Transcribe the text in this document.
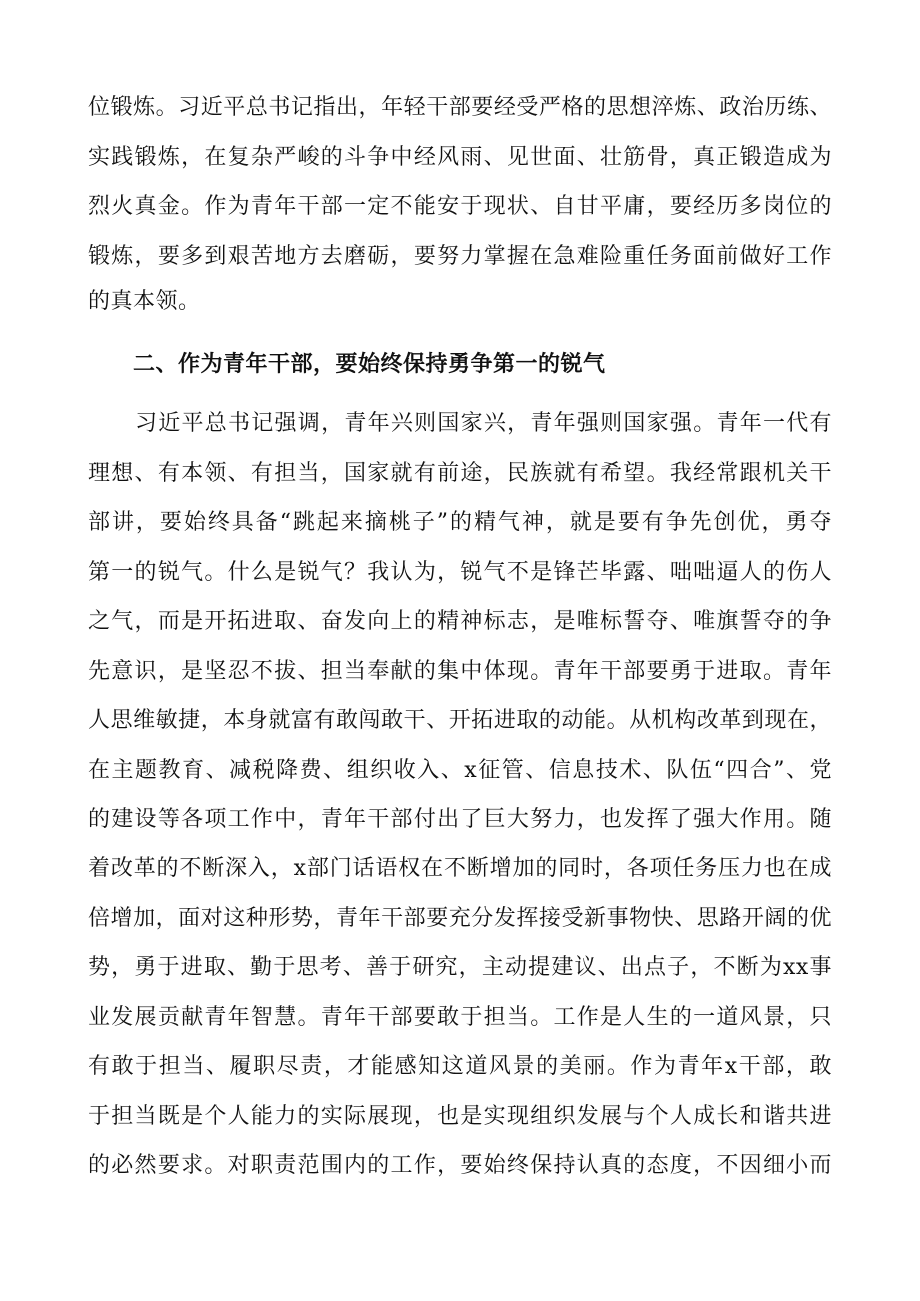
位锻炼。习近平总书记指出，年轻干部要经受严格的思想淬炼、政治历练、
实践锻炼，在复杂严峻的斗争中经风雨、见世面、壮筋骨，真正锻造成为
烈火真金。作为青年干部一定不能安于现状、自甘平庸，要经历多岗位的
锻炼，要多到艰苦地方去磨砺，要努力掌握在急难险重任务面前做好工作
的真本领。
二、作为青年干部，要始终保持勇争第一的锐气
习近平总书记强调，青年兴则国家兴，青年强则国家强。青年一代有
理想、有本领、有担当，国家就有前途，民族就有希望。我经常跟机关干
部讲，要始终具备“跳起来摘桃子”的精气神，就是要有争先创优，勇夺
第一的锐气。什么是锐气？我认为，锐气不是锋芒毕露、咄咄逼人的伤人
之气，而是开拓进取、奋发向上的精神标志，是唯标誓夺、唯旗誓夺的争
先意识，是坚忍不拔、担当奉献的集中体现。青年干部要勇于进取。青年
人思维敏捷，本身就富有敢闯敢干、开拓进取的动能。从机构改革到现在，
在主题教育、减税降费、组织收入、x征管、信息技术、队伍“四合”、党
的建设等各项工作中，青年干部付出了巨大努力，也发挥了强大作用。随
着改革的不断深入，x部门话语权在不断增加的同时，各项任务压力也在成
倍增加，面对这种形势，青年干部要充分发挥接受新事物快、思路开阔的优
势，勇于进取、勤于思考、善于研究，主动提建议、出点子，不断为xx事
业发展贡献青年智慧。青年干部要敢于担当。工作是人生的一道风景，只
有敢于担当、履职尽责，才能感知这道风景的美丽。作为青年x干部，敢
于担当既是个人能力的实际展现，也是实现组织发展与个人成长和谐共进
的必然要求。对职责范围内的工作，要始终保持认真的态度，不因细小而
